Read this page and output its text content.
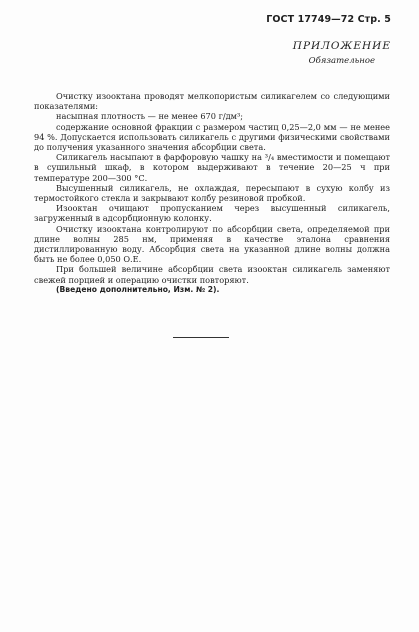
ГОСТ 17749—72 Стр. 5
ПРИЛОЖЕНИЕ
Обязательное

Очистку изооктана проводят мелкопористым силикагелем со следующими показателями:

насыпная плотность — не менее 670 г/дм³;

содержание основной фракции с размером частиц 0,25—2,0 мм — не менее 94 %. Допускается использовать силикагель с другими физическими свойствами до получения указанного значения абсорбции света.

Силикагель насыпают в фарфоровую чашку на ³/₄ вместимости и помещают в сушильный шкаф, в котором выдерживают в течение 20—25 ч при температуре 200—300 °С.

Высушенный силикагель, не охлаждая, пересыпают в сухую колбу из термостойкого стекла и закрывают колбу резиновой пробкой.

Изооктан очищают пропусканием через высушенный силикагель, загруженный в адсорбционную колонку.

Очистку изооктана контролируют по абсорбции света, определяемой при длине волны 285 нм, применяя в качестве эталона сравнения дистиллированную воду. Абсорбция света на указанной длине волны должна быть не более 0,050 О.Е.

При большей величине абсорбции света изооктан силикагель заменяют свежей порцией и операцию очистки повторяют.

(Введено дополнительно, Изм. № 2).
